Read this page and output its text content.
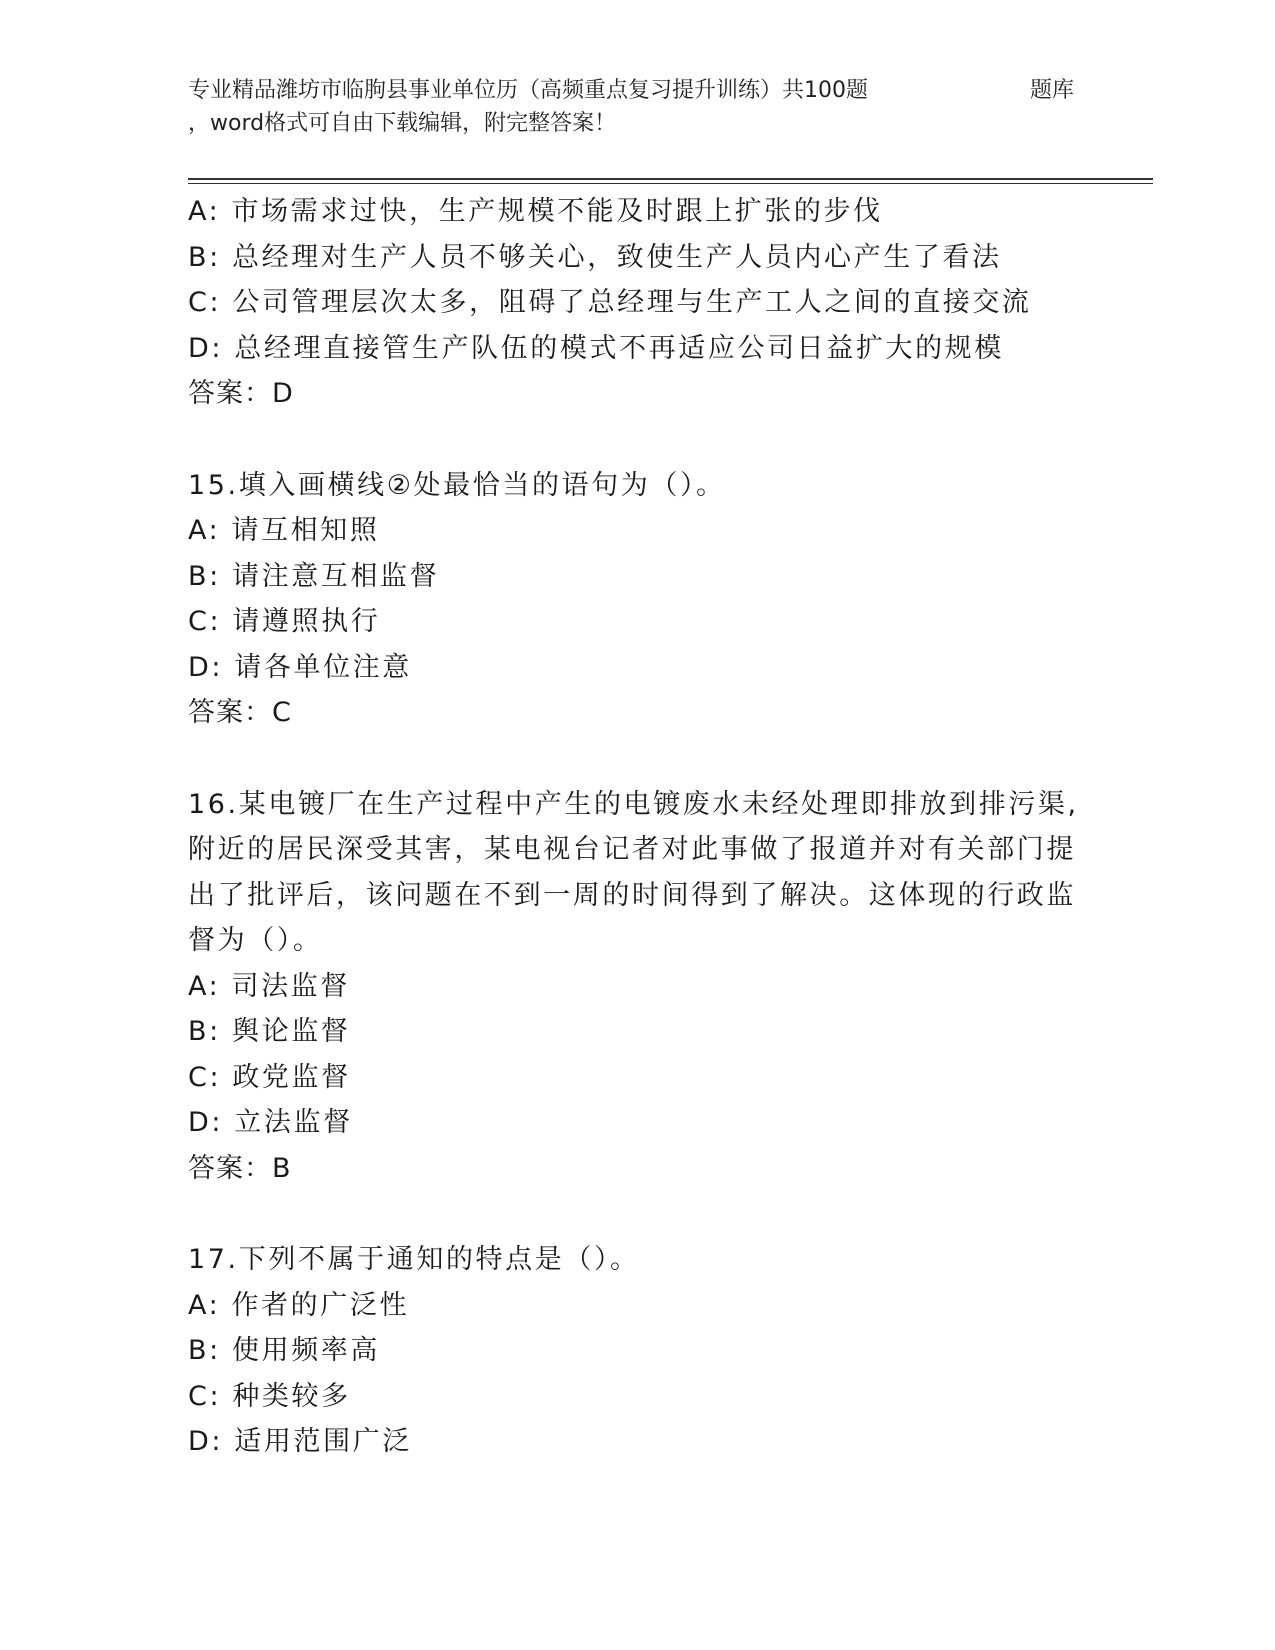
专业精品潍坊市临朐县事业单位历（高频重点复习提升训练）共100题
，word格式可自由下载编辑，附完整答案！
题库
A: 市场需求过快，生产规模不能及时跟上扩张的步伐
B: 总经理对生产人员不够关心，致使生产人员内心产生了看法
C: 公司管理层次太多，阻碍了总经理与生产工人之间的直接交流
D: 总经理直接管生产队伍的模式不再适应公司日益扩大的规模
答案：D
15.填入画横线②处最恰当的语句为（）。
A: 请互相知照
B: 请注意互相监督
C: 请遵照执行
D: 请各单位注意
答案：C
16.某电镀厂在生产过程中产生的电镀废水未经处理即排放到排污渠,
附近的居民深受其害，某电视台记者对此事做了报道并对有关部门提
出了批评后，该问题在不到一周的时间得到了解决。这体现的行政监
督为（）。
A: 司法监督
B: 舆论监督
C: 政党监督
D: 立法监督
答案：B
17.下列不属于通知的特点是（）。
A: 作者的广泛性
B: 使用频率高
C: 种类较多
D: 适用范围广泛
